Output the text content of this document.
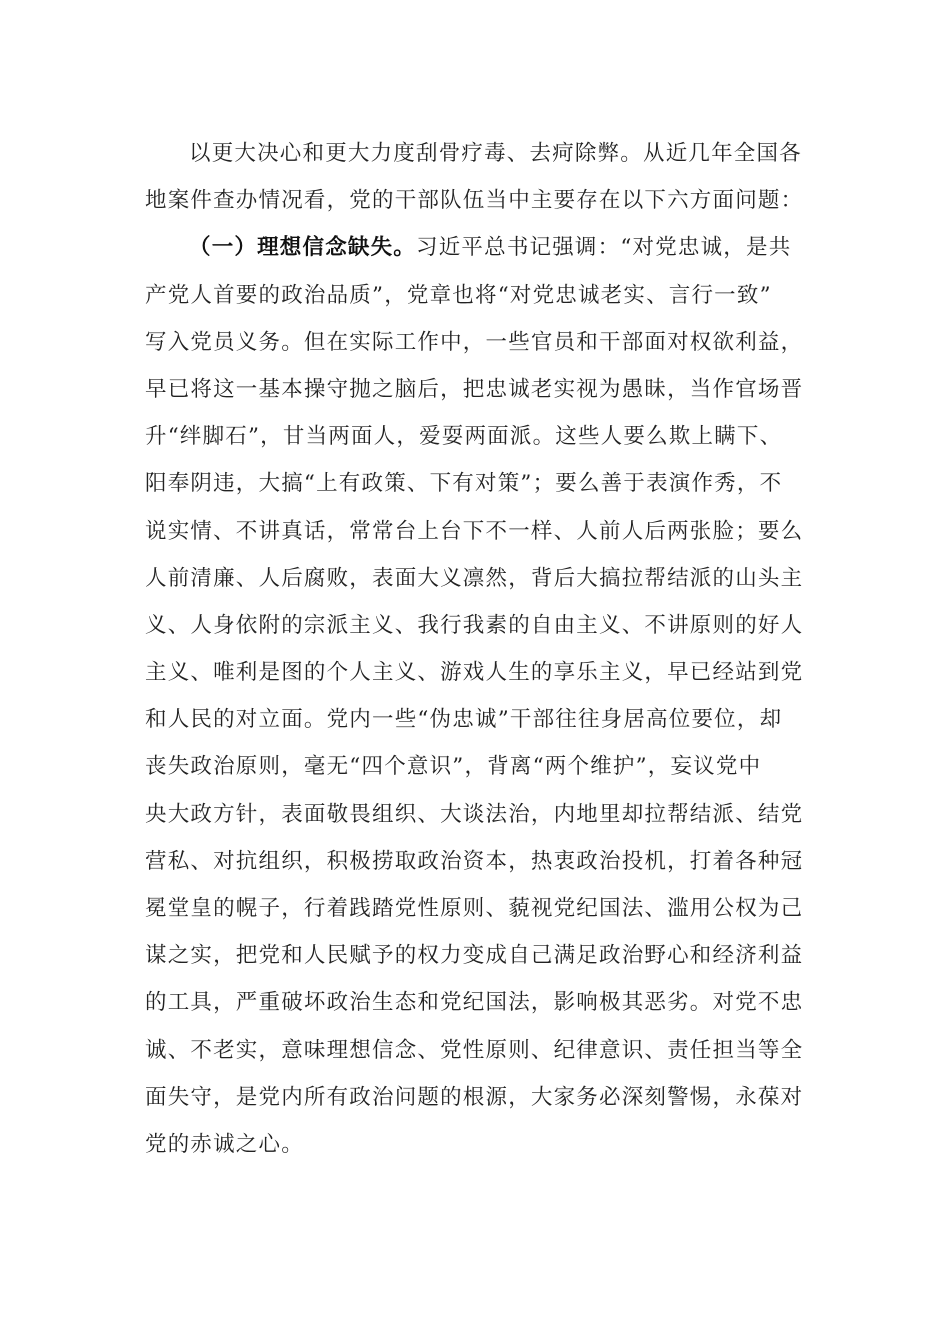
以更大决心和更大力度刮骨疗毒、去疴除弊。从近几年全国各
地案件查办情况看，党的干部队伍当中主要存在以下六方面问题：
（一）理想信念缺失。习近平总书记强调：“对党忠诚，是共
产党人首要的政治品质”，党章也将“对党忠诚老实、言行一致”
写入党员义务。但在实际工作中，一些官员和干部面对权欲利益，
早已将这一基本操守抛之脑后，把忠诚老实视为愚昧，当作官场晋
升“绊脚石”，甘当两面人，爱耍两面派。这些人要么欺上瞒下、
阳奉阴违，大搞“上有政策、下有对策”；要么善于表演作秀，不
说实情、不讲真话，常常台上台下不一样、人前人后两张脸；要么
人前清廉、人后腐败，表面大义凛然，背后大搞拉帮结派的山头主
义、人身依附的宗派主义、我行我素的自由主义、不讲原则的好人
主义、唯利是图的个人主义、游戏人生的享乐主义，早已经站到党
和人民的对立面。党内一些“伪忠诚”干部往往身居高位要位，却
丧失政治原则，毫无“四个意识”，背离“两个维护”，妄议党中
央大政方针，表面敬畏组织、大谈法治，内地里却拉帮结派、结党
营私、对抗组织，积极捞取政治资本，热衷政治投机，打着各种冠
冕堂皇的幌子，行着践踏党性原则、藐视党纪国法、滥用公权为己
谋之实，把党和人民赋予的权力变成自己满足政治野心和经济利益
的工具，严重破坏政治生态和党纪国法，影响极其恶劣。对党不忠
诚、不老实，意味理想信念、党性原则、纪律意识、责任担当等全
面失守，是党内所有政治问题的根源，大家务必深刻警惕，永葆对
党的赤诚之心。
